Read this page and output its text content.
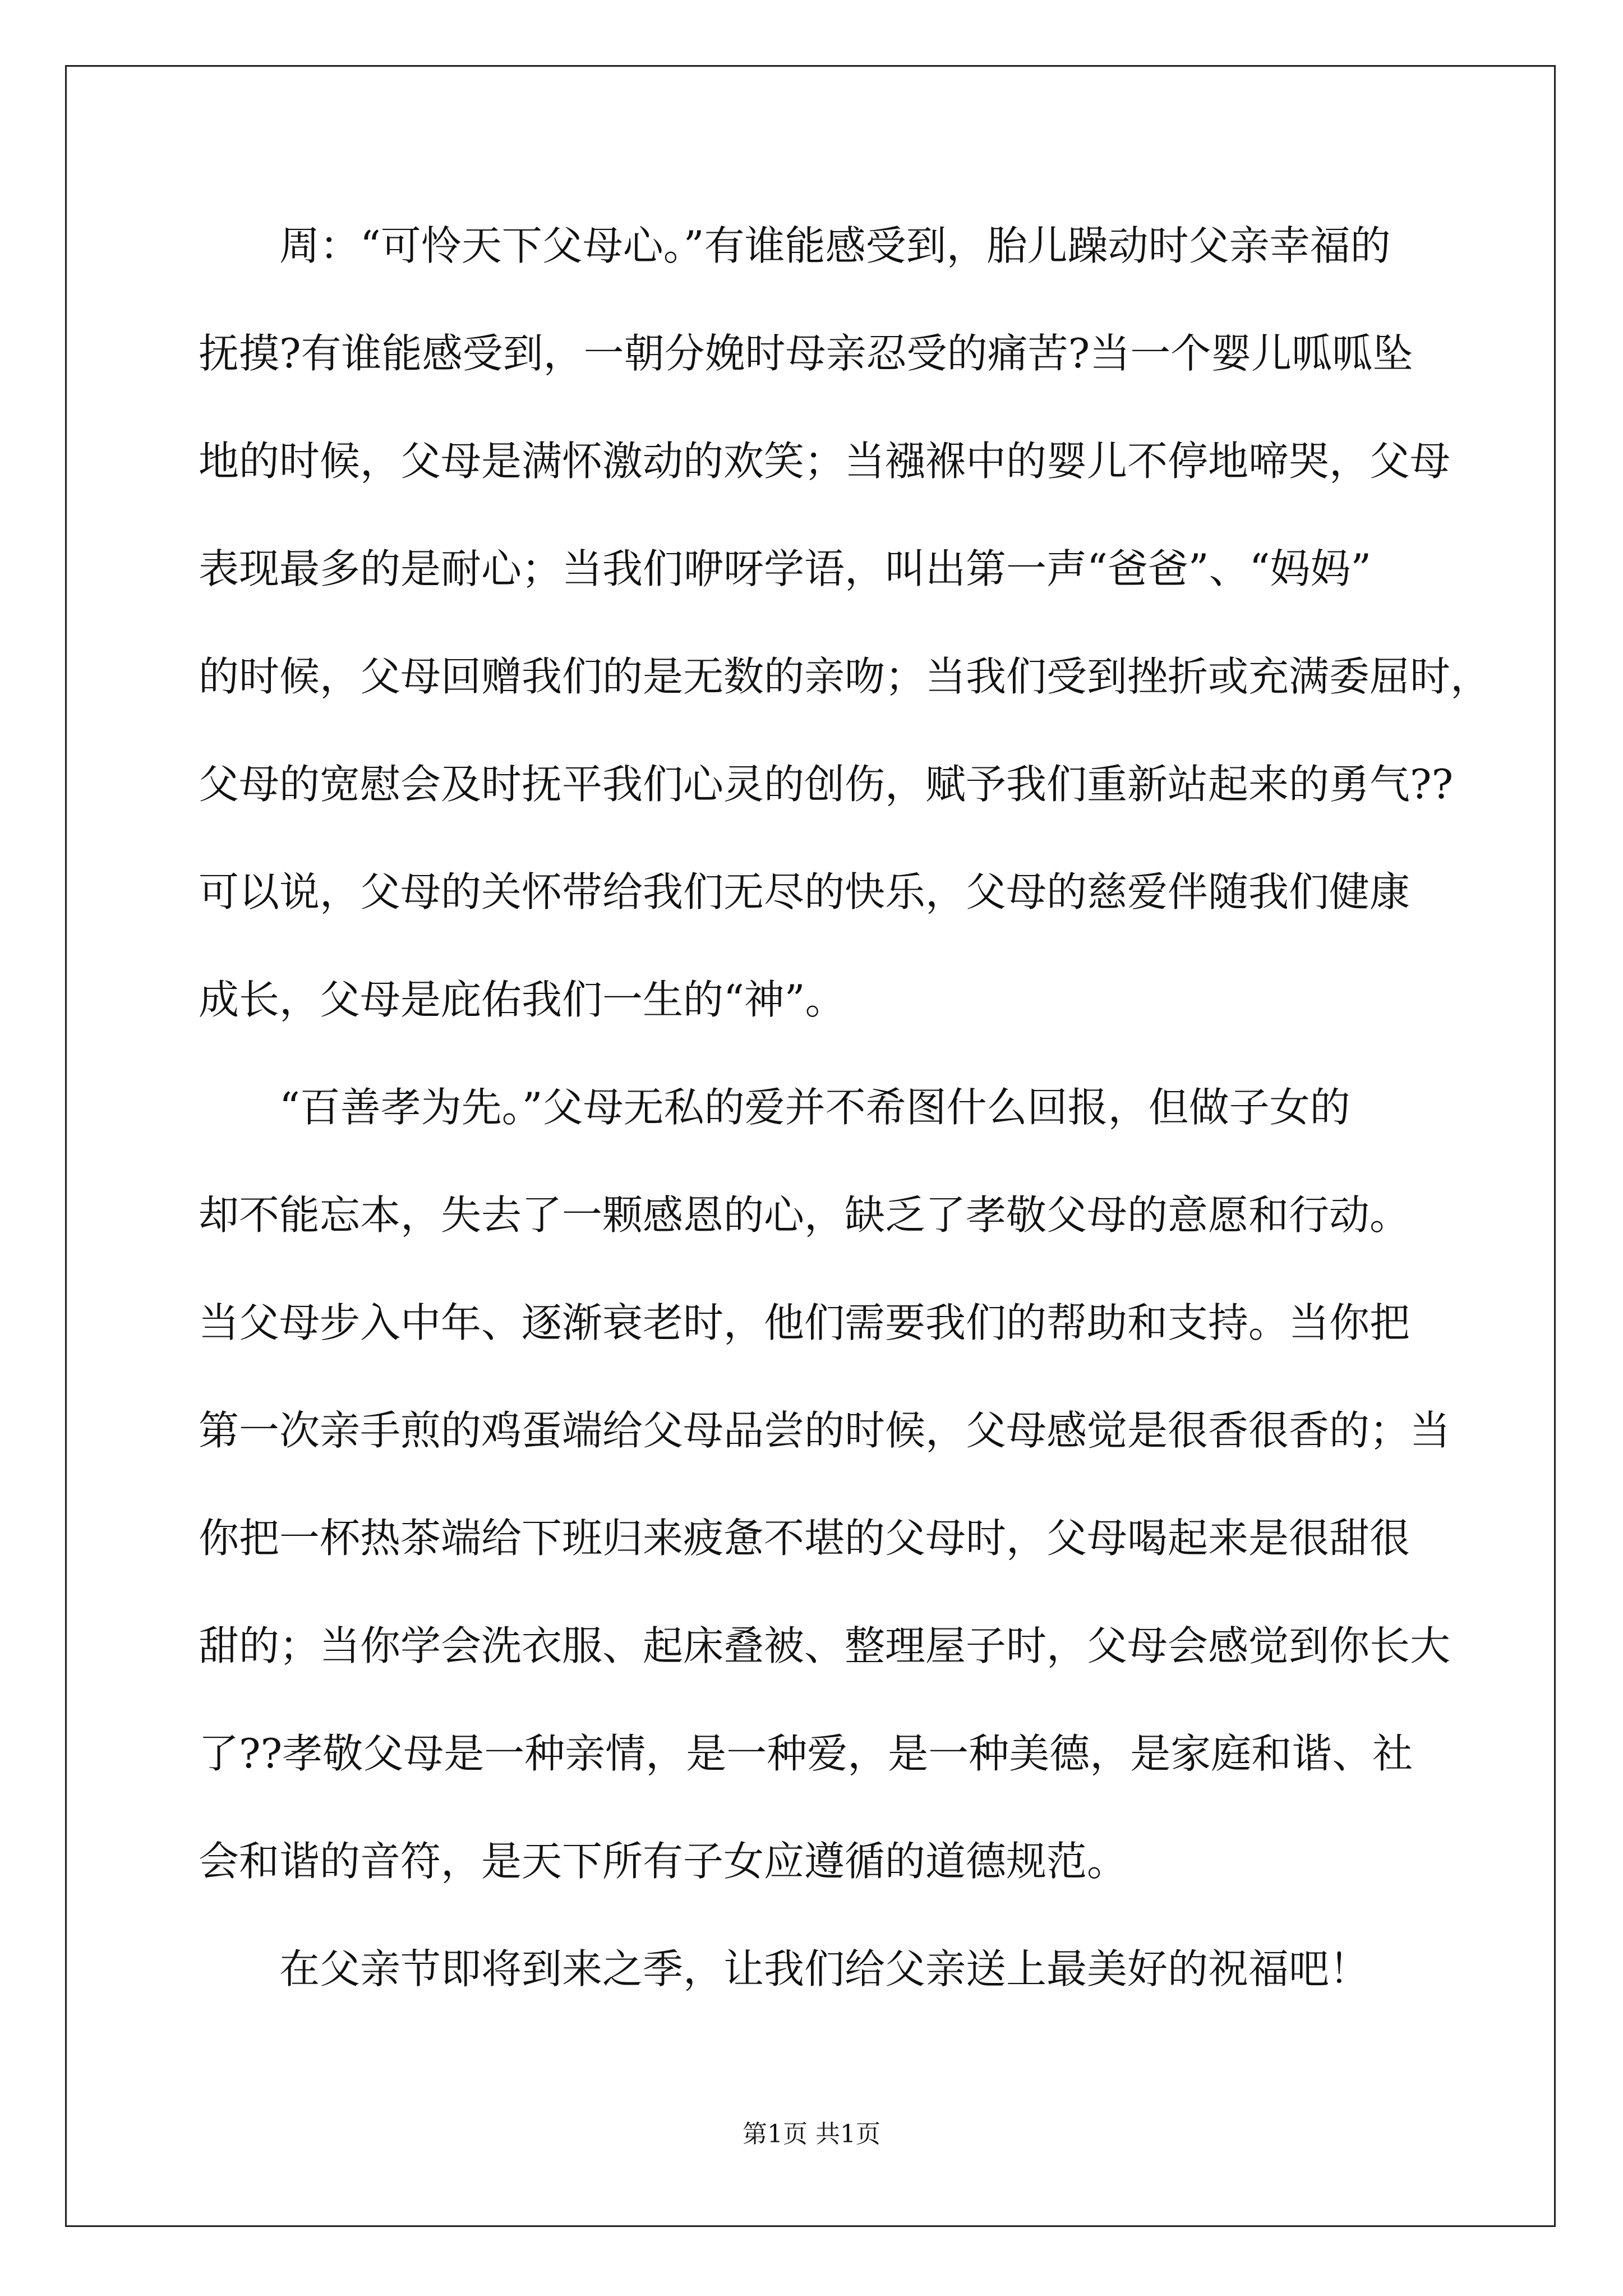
周：“可怜天下父母心。”有谁能感受到，胎儿躁动时父亲幸福的
抚摸?有谁能感受到，一朝分娩时母亲忍受的痛苦?当一个婴儿呱呱坠
地的时候，父母是满怀激动的欢笑；当襁褓中的婴儿不停地啼哭，父母
表现最多的是耐心；当我们咿呀学语，叫出第一声“爸爸”、“妈妈”
的时候，父母回赠我们的是无数的亲吻；当我们受到挫折或充满委屈时，
父母的宽慰会及时抚平我们心灵的创伤，赋予我们重新站起来的勇气??
可以说，父母的关怀带给我们无尽的快乐，父母的慈爱伴随我们健康
成长，父母是庇佑我们一生的“神”。
“百善孝为先。”父母无私的爱并不希图什么回报，但做子女的
却不能忘本，失去了一颗感恩的心，缺乏了孝敬父母的意愿和行动。
当父母步入中年、逐渐衰老时，他们需要我们的帮助和支持。当你把
第一次亲手煎的鸡蛋端给父母品尝的时候，父母感觉是很香很香的；当
你把一杯热茶端给下班归来疲惫不堪的父母时，父母喝起来是很甜很
甜的；当你学会洗衣服、起床叠被、整理屋子时，父母会感觉到你长大
了??孝敬父母是一种亲情，是一种爱，是一种美德，是家庭和谐、社
会和谐的音符，是天下所有子女应遵循的道德规范。
在父亲节即将到来之季，让我们给父亲送上最美好的祝福吧！
第1页 共1页
